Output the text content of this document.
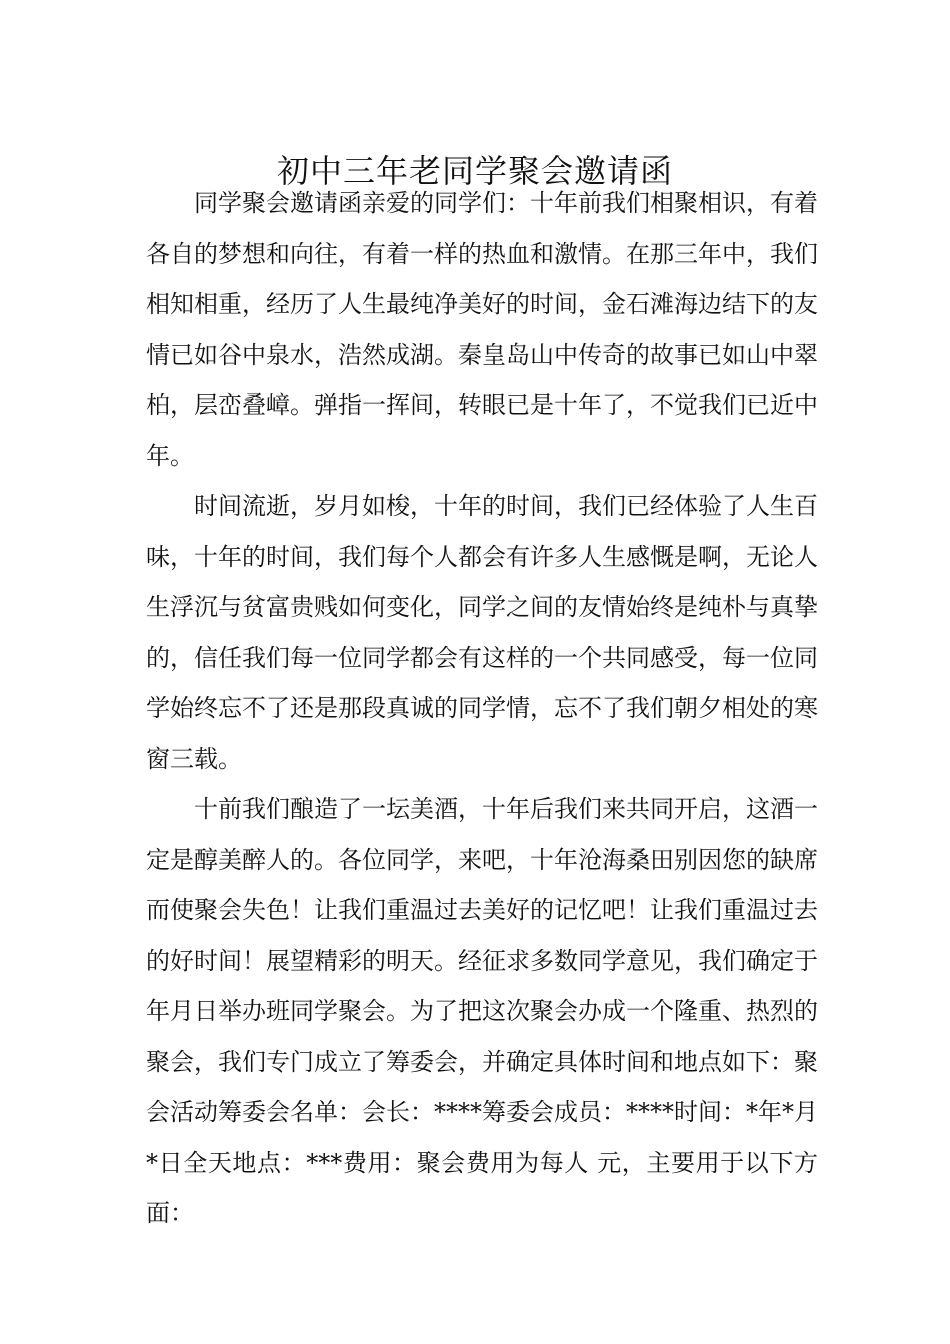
初中三年老同学聚会邀请函

同学聚会邀请函亲爱的同学们：十年前我们相聚相识，有着各自的梦想和向往，有着一样的热血和激情。在那三年中，我们相知相重，经历了人生最纯净美好的时间，金石滩海边结下的友情已如谷中泉水，浩然成湖。秦皇岛山中传奇的故事已如山中翠柏，层峦叠嶂。弹指一挥间，转眼已是十年了，不觉我们已近中年。

时间流逝，岁月如梭，十年的时间，我们已经体验了人生百味，十年的时间，我们每个人都会有许多人生感慨是啊，无论人生浮沉与贫富贵贱如何变化，同学之间的友情始终是纯朴与真挚的，信任我们每一位同学都会有这样的一个共同感受，每一位同学始终忘不了还是那段真诚的同学情，忘不了我们朝夕相处的寒窗三载。

十前我们酿造了一坛美酒，十年后我们来共同开启，这酒一定是醇美醉人的。各位同学，来吧，十年沧海桑田别因您的缺席而使聚会失色！让我们重温过去美好的记忆吧！让我们重温过去的好时间！展望精彩的明天。经征求多数同学意见，我们确定于年月日举办班同学聚会。为了把这次聚会办成一个隆重、热烈的聚会，我们专门成立了筹委会，并确定具体时间和地点如下：聚会活动筹委会名单：会长：****筹委会成员：****时间：*年*月*日全天地点：***费用：聚会费用为每人 元，主要用于以下方面：
